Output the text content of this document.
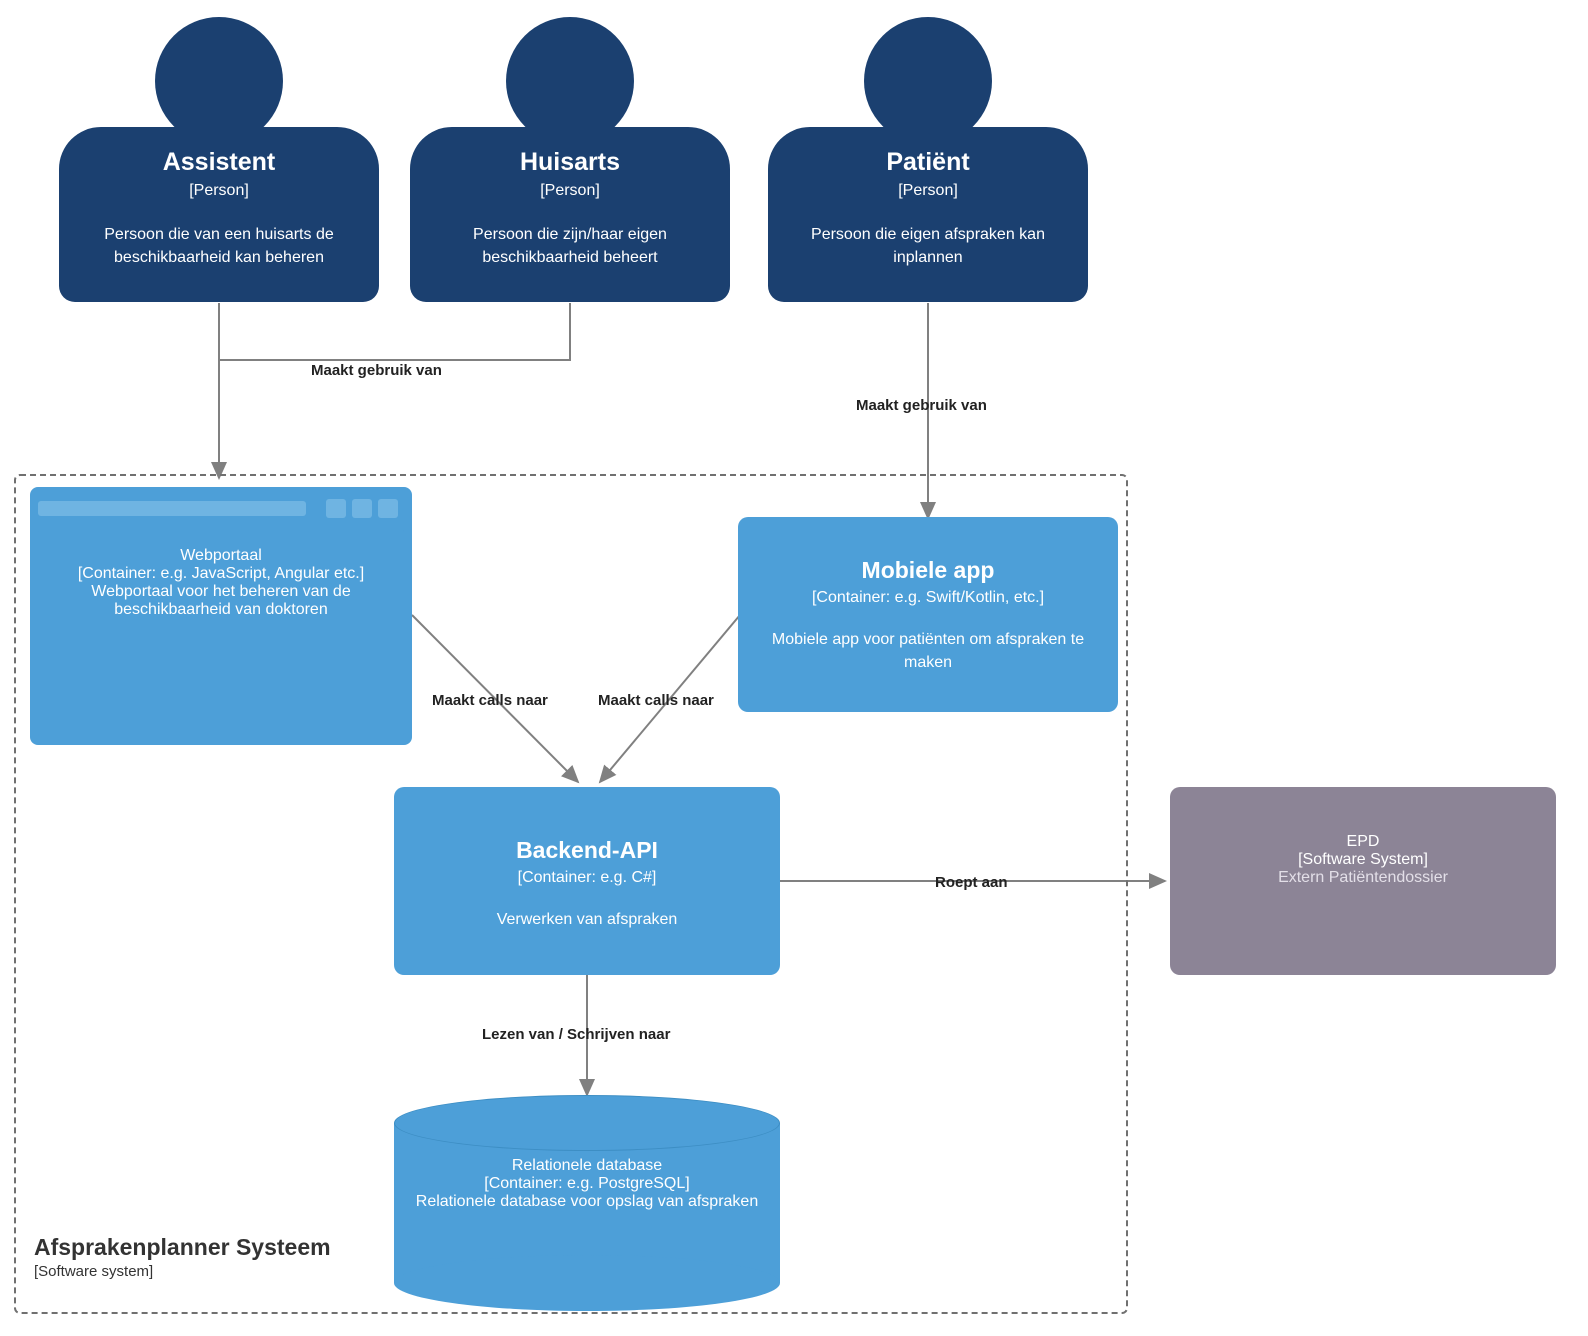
Assistent
[Person]
Persoon die van een huisarts de beschikbaarheid kan beheren
Huisarts
[Person]
Persoon die zijn/haar eigen beschikbaarheid beheert
Patiënt
[Person]
Persoon die eigen afspraken kan inplannen
Afsprakenplanner Systeem
[Software system]
Webportaal
[Container: e.g. JavaScript, Angular etc.]
Webportaal voor het beheren van de beschikbaarheid van doktoren
Mobiele app
[Container: e.g. Swift/Kotlin, etc.]
Mobiele app voor patiënten om afspraken te maken
Backend-API
[Container: e.g. C#]
Verwerken van afspraken
Relationele database
[Container: e.g. PostgreSQL]
Relationele database voor opslag van afspraken
EPD
[Software System]
Extern Patiëntendossier
Maakt gebruik van
Maakt gebruik van
Maakt calls naar	Maakt calls naar
Roept aan
Lezen van / Schrijven naar
